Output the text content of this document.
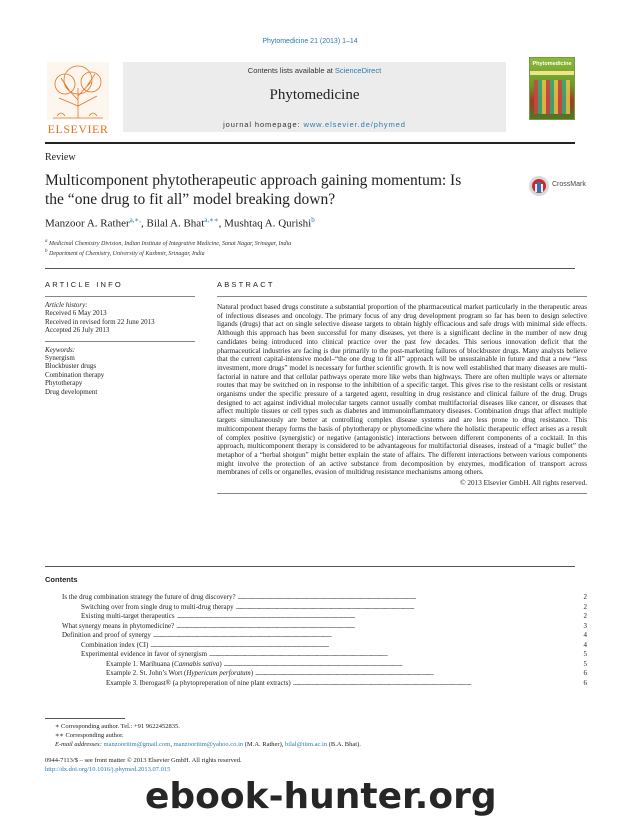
Phytomedicine 21 (2013) 1–14
ELSEVIER
Contents lists available at ScienceDirect
Phytomedicine
journal homepage: www.elsevier.de/phymed
Phytomedicine
Review
Multicomponent phytotherapeutic approach gaining momentum: Is
the “one drug to fit all” model breaking down?
CrossMark
Manzoor A. Rather$^{a,∗,}$, Bilal A. Bhat$^{a,∗∗}$, Mushtaq A. Qurishi$^b$
$^a$ Medicinal Chemistry Division, Indian Institute of Integrative Medicine, Sanat Nagar, Srinagar, India
$^b$ Department of Chemistry, University of Kashmir, Srinagar, India
ARTICLE INFO
Article history:
Received 6 May 2013
Received in revised form 22 June 2013
Accepted 26 July 2013
Keywords:
Synergism
Blockbuster drugs
Combination therapy
Phytotherapy
Drug development
ABSTRACT
Natural product based drugs constitute a substantial proportion of the pharmaceutical market particularly in the therapeutic areas of infectious diseases and oncology. The primary focus of any drug development program so far has been to design selective ligands (drugs) that act on single selective disease targets to obtain highly efficacious and safe drugs with minimal side effects. Although this approach has been successful for many diseases, yet there is a significant decline in the number of new drug candidates being introduced into clinical practice over the past few decades. This serious innovation deficit that the pharmaceutical industries are facing is due primarily to the post-marketing failures of blockbuster drugs. Many analysts believe that the current capital-intensive model–“the one drug to fit all” approach will be unsustainable in future and that a new “less investment, more drugs” model is necessary for further scientific growth. It is now well established that many diseases are multi-factorial in nature and that cellular pathways operate more like webs than highways. There are often multiple ways or alternate routes that may be switched on in response to the inhibition of a specific target. This gives rise to the resistant cells or resistant organisms under the specific pressure of a targeted agent, resulting in drug resistance and clinical failure of the drug. Drugs designed to act against individual molecular targets cannot usually combat multifactorial diseases like cancer, or diseases that affect multiple tissues or cell types such as diabetes and immunoinflammatory diseases. Combination drugs that affect multiple targets simultaneously are better at controlling complex disease systems and are less prone to drug resistance. This multicomponent therapy forms the basis of phytotherapy or phytomedicine where the holistic therapeutic effect arises as a result of complex positive (synergistic) or negative (antagonistic) interactions between different components of a cocktail. In this approach, multicomponent therapy is considered to be advantageous for multifactorial diseases, instead of a “magic bullet” the metaphor of a “herbal shotgun” might better explain the state of affairs. The different interactions between various components might involve the protection of an active substance from decomposition by enzymes, modification of transport across membranes of cells or organelles, evasion of multidrug resistance mechanisms among others.
© 2013 Elsevier GmbH. All rights reserved.
Contents
Is the drug combination strategy the future of drug discovery? . . .	2
Switching over from single drug to multi-drug therapy . . .	2
Existing multi-target therapeutics . . .	2
What synergy means in phytomedicine? . . .	3
Definition and proof of synergy . . .	4
Combination index (CI) . . .	4
Experimental evidence in favor of synergism . . .	5
Example 1. Marihuana (Cannabis sativa) . . .	5
Example 2. St. John’s Wort (Hypericum perforatum) . . .	6
Example 3. Iberogast® (a phytopreperation of nine plant extracts) . . .	6
∗ Corresponding author. Tel.: +91 9622452835.
∗∗ Corresponding author.
E-mail addresses: manzooriiim@gmail.com, manzooriiim@yahoo.co.in (M.A. Rather), bilal@iiim.ac.in (B.A. Bhat).
0944-7113/$ – see front matter © 2013 Elsevier GmbH. All rights reserved.
http://dx.doi.org/10.1016/j.phymed.2013.07.015
ebook-hunter.org
